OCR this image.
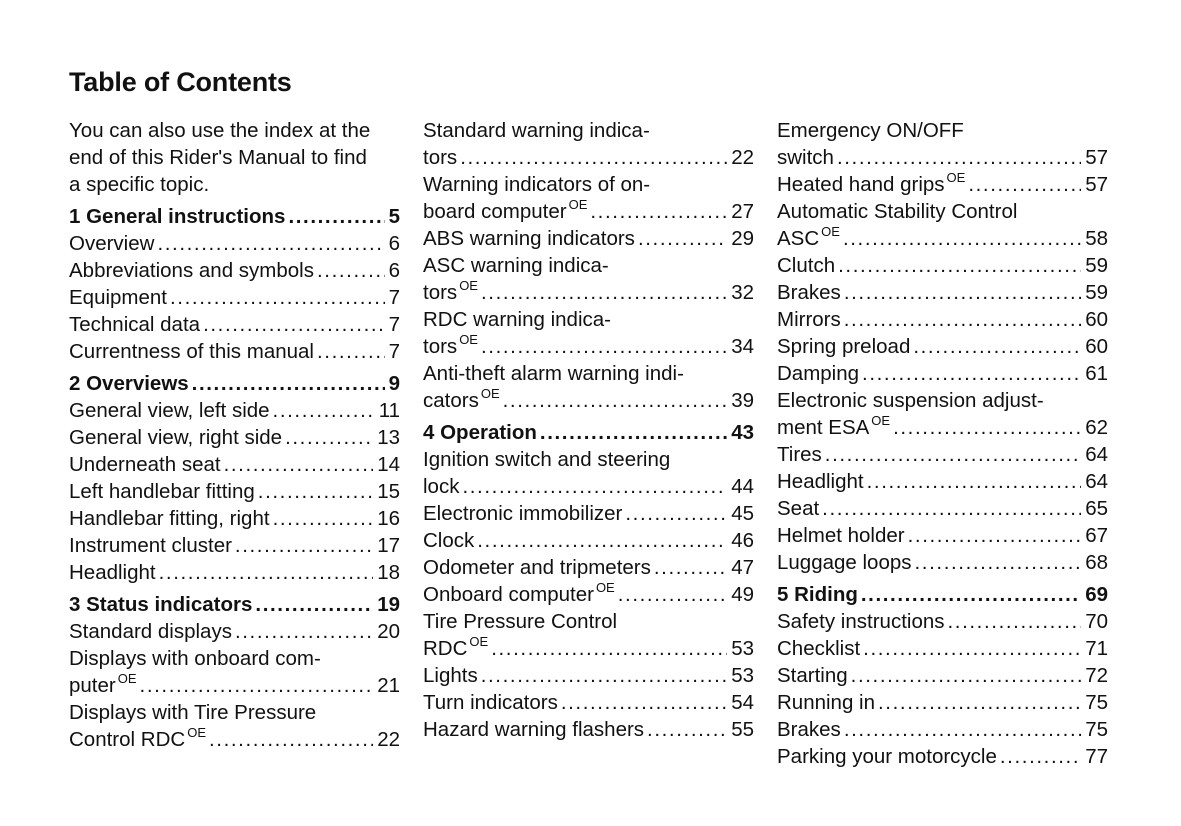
Table of Contents
You can also use the index at the
end of this Rider's Manual to find
a specific topic.
1 General instructions .....	5
Overview .....	6
Abbreviations and symbols .....	6
Equipment .....	7
Technical data .....	7
Currentness of this manual .....	7
2 Overviews .....	9
General view, left side .....	11
General view, right side .....	13
Underneath seat .....	14
Left handlebar fitting .....	15
Handlebar fitting, right .....	16
Instrument cluster .....	17
Headlight .....	18
3 Status indicators .....	19
Standard displays .....	20
Displays with onboard com-
puter $^{OE}$ .....	21
Displays with Tire Pressure
Control RDC $^{OE}$ .....	22
Standard warning indica-
tors .....	22
Warning indicators of on-
board computer $^{OE}$ .....	27
ABS warning indicators .....	29
ASC warning indica-
tors $^{OE}$ .....	32
RDC warning indica-
tors $^{OE}$ .....	34
Anti-theft alarm warning indi-
cators $^{OE}$ .....	39
4 Operation .....	43
Ignition switch and steering
lock .....	44
Electronic immobilizer .....	45
Clock .....	46
Odometer and tripmeters .....	47
Onboard computer $^{OE}$ .....	49
Tire Pressure Control
RDC $^{OE}$ .....	53
Lights .....	53
Turn indicators .....	54
Hazard warning flashers .....	55
Emergency ON/OFF
switch .....	57
Heated hand grips $^{OE}$ .....	57
Automatic Stability Control
ASC $^{OE}$ .....	58
Clutch .....	59
Brakes .....	59
Mirrors .....	60
Spring preload .....	60
Damping .....	61
Electronic suspension adjust-
ment ESA $^{OE}$ .....	62
Tires .....	64
Headlight .....	64
Seat .....	65
Helmet holder .....	67
Luggage loops .....	68
5 Riding .....	69
Safety instructions .....	70
Checklist .....	71
Starting .....	72
Running in .....	75
Brakes .....	75
Parking your motorcycle .....	77
